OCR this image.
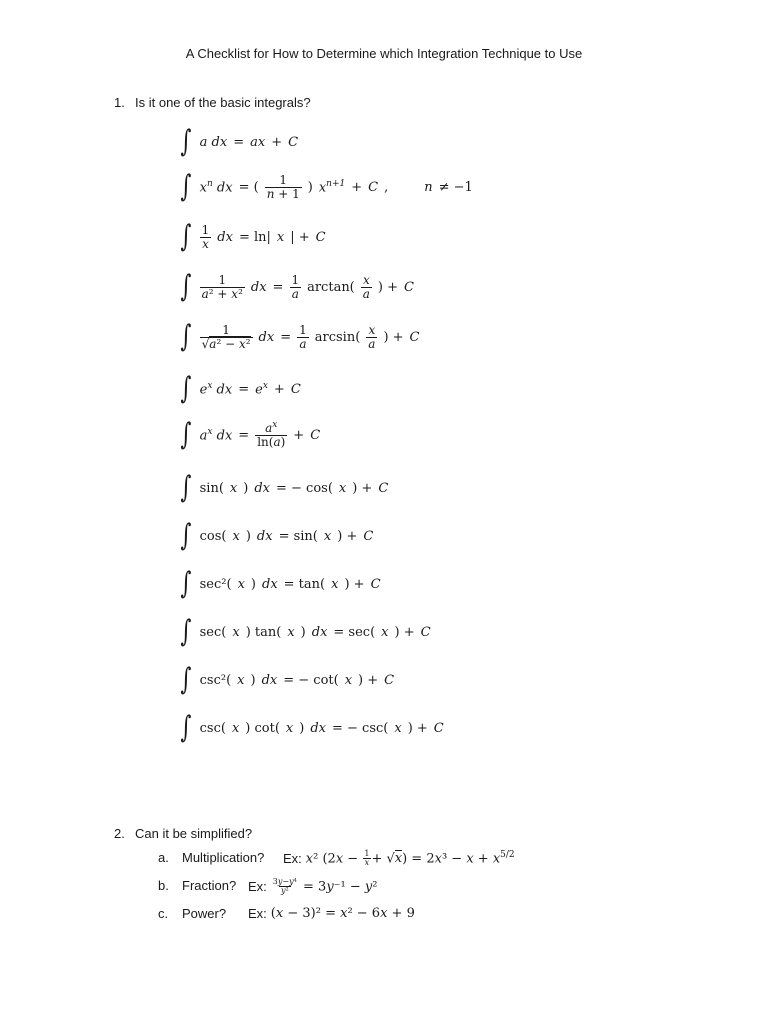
A Checklist for How to Determine which Integration Technique to Use
1. Is it one of the basic integrals?
∫ a dx = ax + C
∫ $x^n$ dx = ( $\frac{1}{n + 1}$ ) $x^{n+1} + C$ ,	n ≠ −1
∫ $\frac{1}{x}$ dx = ln| x | + C
∫ $\frac{1}{\text{a² + x²}}$ dx = $\frac{1}{a} \arctan( \frac{x}{a}$ ) + C
∫ $\frac{1}{\text{√a² − x²}}$ dx = $\frac{1}{a} \arcsin( \frac{x}{a}$ ) + C
∫ $e^x$ dx = $e^x + C$
∫ $a^x$ dx = $\frac{a^x}{\ln(a)} + C$
∫ sin( x ) dx = − cos( x ) + C
∫ cos( x ) dx = sin( x ) + C
∫ sec²( x ) dx = tan( x ) + C
∫ sec( x ) tan( x ) dx = sec( x ) + C
∫ csc²( x ) dx = − cot( x ) + C
∫ csc( x ) cot( x ) dx = − csc( x ) + C
2. Can it be simplified?
a. Multiplication? Ex: x² $(2x - \frac{1}{x} + √x) = 2x^3 - x + x^{5/2}$
b. Fraction? Ex: $\frac{\text{3y−y⁴}}{\text{y²}} = 3y^{-1} - y^2$
c. Power? Ex: (x − 3)² = x² − 6x + 9
